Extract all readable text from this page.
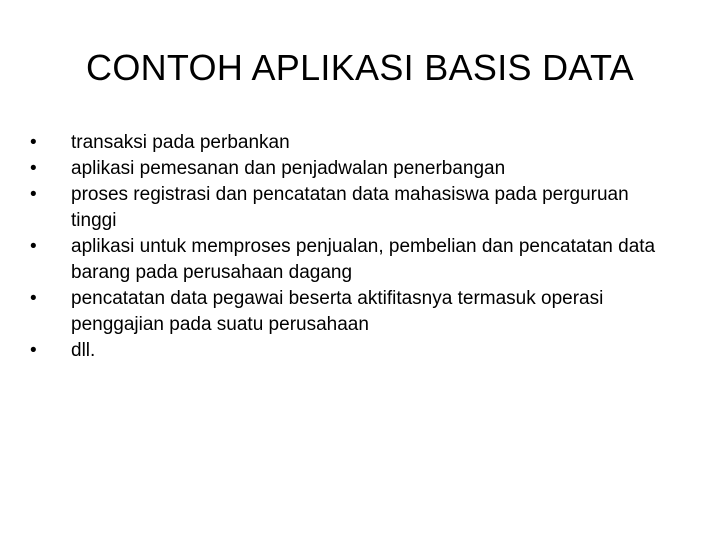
CONTOH APLIKASI BASIS DATA
•	transaksi pada perbankan
•	aplikasi pemesanan dan penjadwalan penerbangan
•	proses registrasi dan pencatatan data mahasiswa pada perguruan tinggi
•	aplikasi untuk memproses penjualan, pembelian dan pencatatan data barang pada perusahaan dagang
•	pencatatan data pegawai beserta aktifitasnya termasuk operasi penggajian pada suatu perusahaan
•	dll.
